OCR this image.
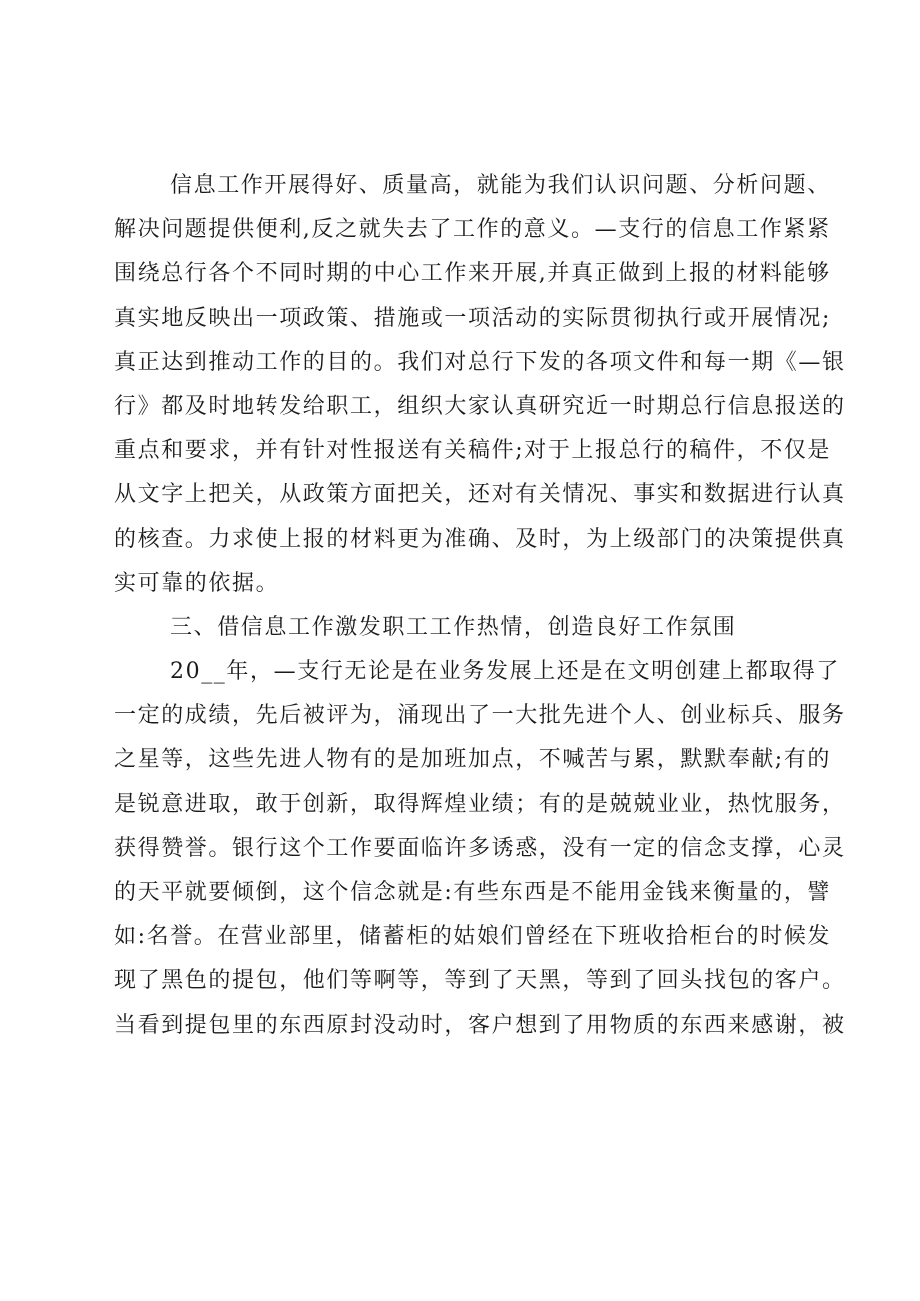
信息工作开展得好、质量高，就能为我们认识问题、分析问题、
解决问题提供便利,反之就失去了工作的意义。—支行的信息工作紧紧
围绕总行各个不同时期的中心工作来开展,并真正做到上报的材料能够
真实地反映出一项政策、措施或一项活动的实际贯彻执行或开展情况;
真正达到推动工作的目的。我们对总行下发的各项文件和每一期《—银
行》都及时地转发给职工，组织大家认真研究近一时期总行信息报送的
重点和要求，并有针对性报送有关稿件;对于上报总行的稿件，不仅是
从文字上把关，从政策方面把关，还对有关情况、事实和数据进行认真
的核查。力求使上报的材料更为准确、及时，为上级部门的决策提供真
实可靠的依据。
三、借信息工作激发职工工作热情，创造良好工作氛围
20__年，—支行无论是在业务发展上还是在文明创建上都取得了
一定的成绩，先后被评为，涌现出了一大批先进个人、创业标兵、服务
之星等，这些先进人物有的是加班加点，不喊苦与累，默默奉献;有的
是锐意进取，敢于创新，取得辉煌业绩；有的是兢兢业业，热忱服务，
获得赞誉。银行这个工作要面临许多诱惑，没有一定的信念支撑，心灵
的天平就要倾倒，这个信念就是:有些东西是不能用金钱来衡量的，譬
如:名誉。在营业部里，储蓄柜的姑娘们曾经在下班收拾柜台的时候发
现了黑色的提包，他们等啊等，等到了天黑，等到了回头找包的客户。
当看到提包里的东西原封没动时，客户想到了用物质的东西来感谢，被
